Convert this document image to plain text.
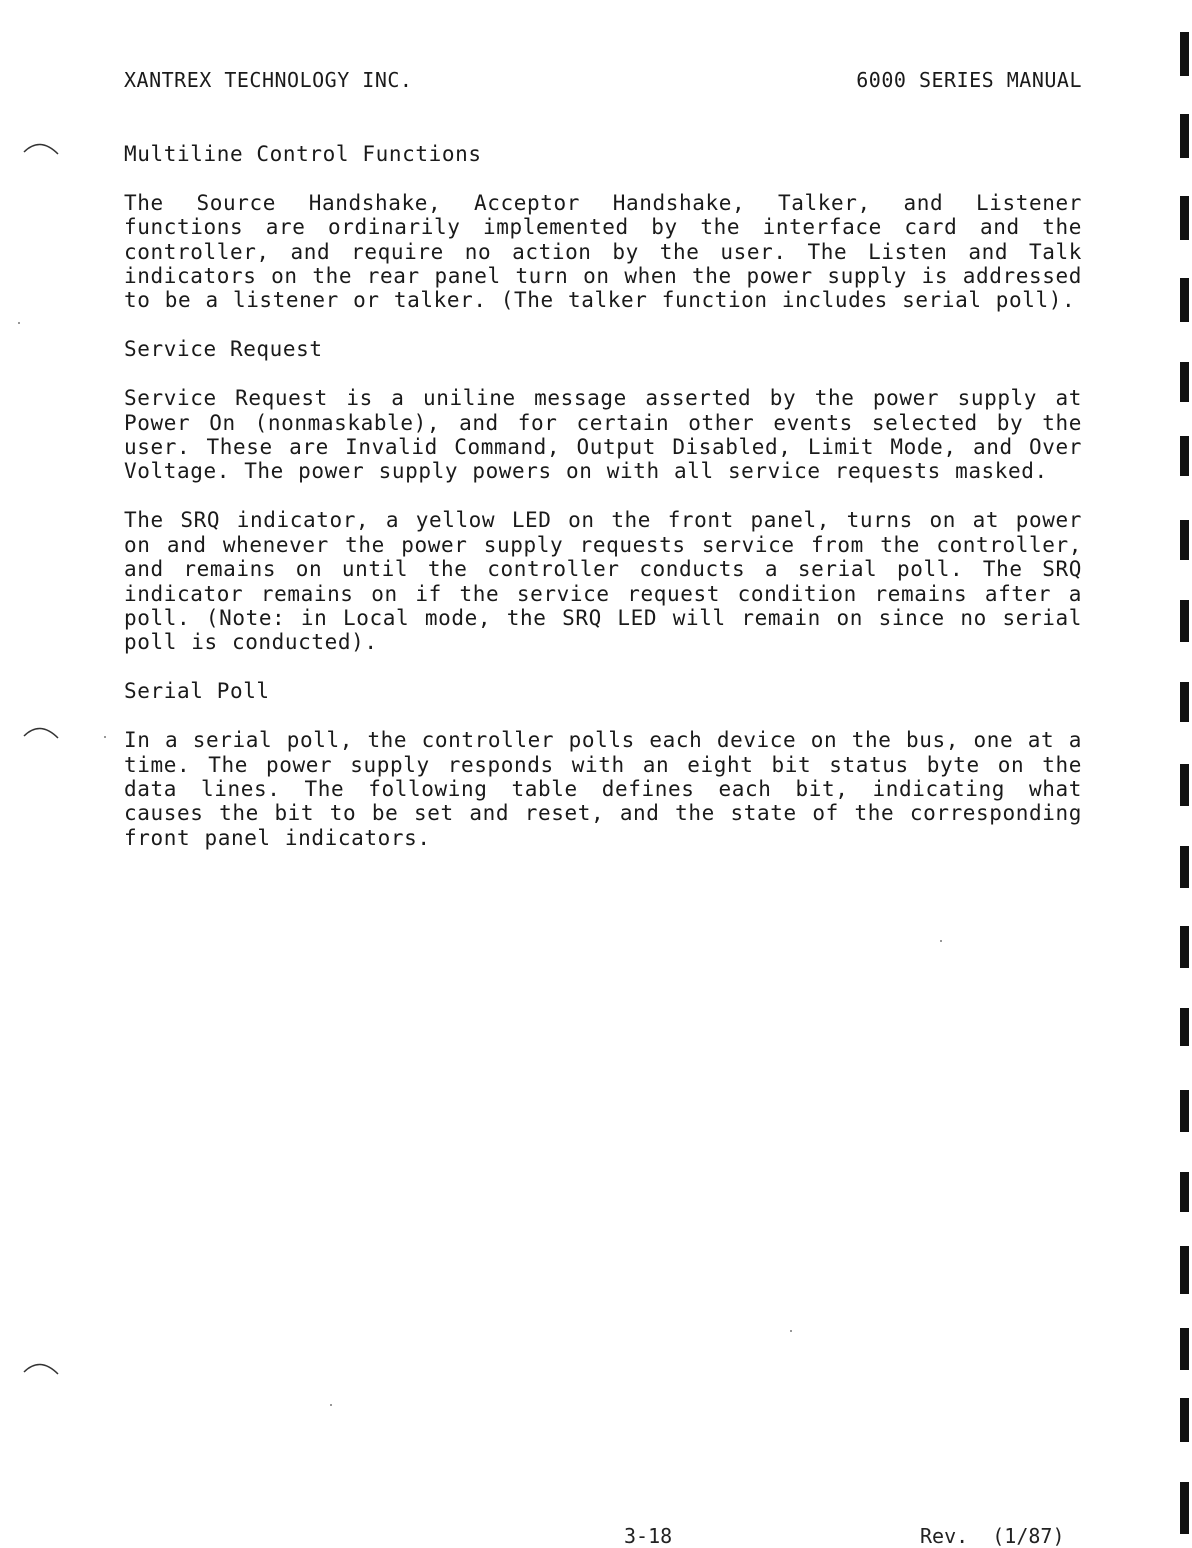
XANTREX TECHNOLOGY INC.	6000 SERIES MANUAL
Multiline Control Functions
The Source Handshake, Acceptor Handshake, Talker, and Listener functions are ordinarily implemented by the interface card and the controller, and require no action by the user. The Listen and Talk indicators on the rear panel turn on when the power supply is addressed to be a listener or talker. (The talker function includes serial poll).
Service Request
Service Request is a uniline message asserted by the power supply at Power On (nonmaskable), and for certain other events selected by the user. These are Invalid Command, Output Disabled, Limit Mode, and Over Voltage. The power supply powers on with all service requests masked.
The SRQ indicator, a yellow LED on the front panel, turns on at power on and whenever the power supply requests service from the controller, and remains on until the controller conducts a serial poll. The SRQ indicator remains on if the service request condition remains after a poll. (Note: in Local mode, the SRQ LED will remain on since no serial poll is conducted).
Serial Poll
In a serial poll, the controller polls each device on the bus, one at a time. The power supply responds with an eight bit status byte on the data lines. The following table defines each bit, indicating what causes the bit to be set and reset, and the state of the corresponding front panel indicators.
3-18	Rev.  (1/87)
